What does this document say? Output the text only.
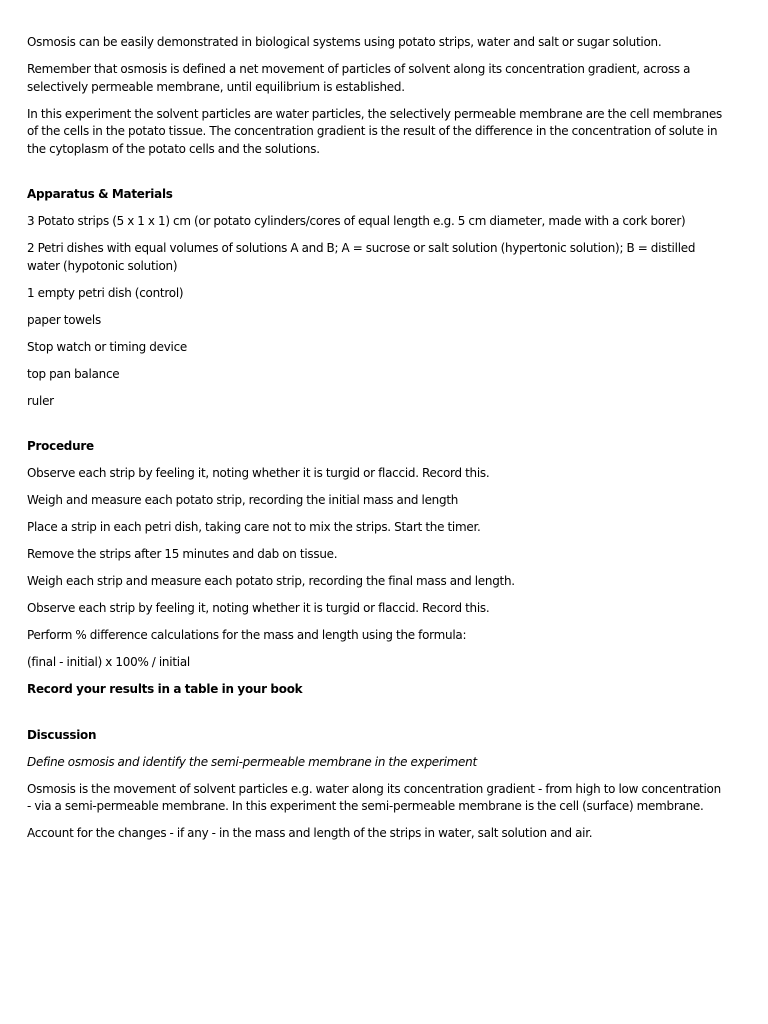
Osmosis can be easily demonstrated in biological systems using potato strips, water and salt or sugar solution.

Remember that osmosis is defined a net movement of particles of solvent along its concentration gradient, across a selectively permeable membrane, until equilibrium is established.

In this experiment the solvent particles are water particles, the selectively permeable membrane are the cell membranes of the cells in the potato tissue. The concentration gradient is the result of the difference in the concentration of solute in the cytoplasm of the potato cells and the solutions.

Apparatus & Materials

3 Potato strips (5 x 1 x 1) cm (or potato cylinders/cores of equal length e.g. 5 cm diameter, made with a cork borer)

2 Petri dishes with equal volumes of solutions A and B; A = sucrose or salt solution (hypertonic solution); B = distilled water (hypotonic solution)

1 empty petri dish (control)

paper towels

Stop watch or timing device

top pan balance

ruler

Procedure

Observe each strip by feeling it, noting whether it is turgid or flaccid. Record this.

Weigh and measure each potato strip, recording the initial mass and length

Place a strip in each petri dish, taking care not to mix the strips. Start the timer.

Remove the strips after 15 minutes and dab on tissue.

Weigh each strip and measure each potato strip, recording the final mass and length.

Observe each strip by feeling it, noting whether it is turgid or flaccid. Record this.

Perform % difference calculations for the mass and length using the formula:

(final - initial) x 100% / initial

Record your results in a table in your book

Discussion

Define osmosis and identify the semi-permeable membrane in the experiment

Osmosis is the movement of solvent particles e.g. water along its concentration gradient - from high to low concentration - via a semi-permeable membrane. In this experiment the semi-permeable membrane is the cell (surface) membrane.

Account for the changes - if any - in the mass and length of the strips in water, salt solution and air.
